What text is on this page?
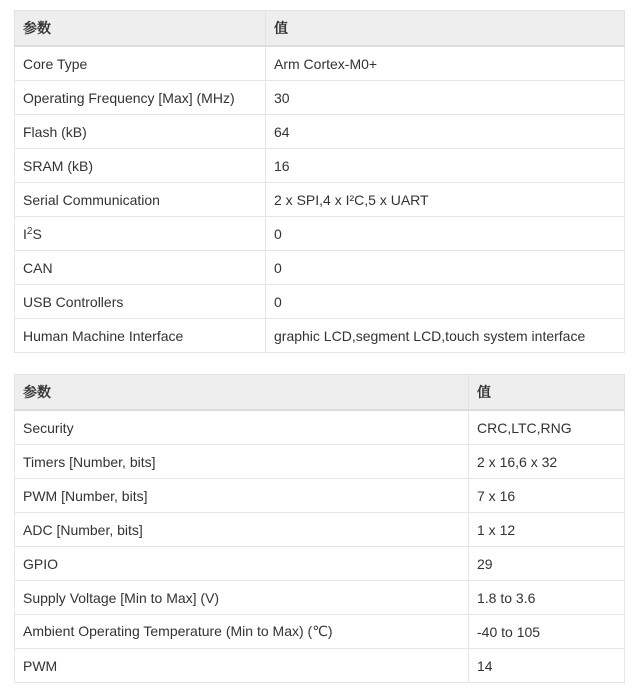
参数	值
Core Type	Arm Cortex-M0+
Operating Frequency [Max] (MHz)	30
Flash (kB)	64
SRAM (kB)	16
Serial Communication	2 x SPI,4 x I²C,5 x UART
$I^2S$	0
CAN	0
USB Controllers	0
Human Machine Interface	graphic LCD,segment LCD,touch system interface
参数	值
Security	CRC,LTC,RNG
Timers [Number, bits]	2 x 16,6 x 32
PWM [Number, bits]	7 x 16
ADC [Number, bits]	1 x 12
GPIO	29
Supply Voltage [Min to Max] (V)	1.8 to 3.6
Ambient Operating Temperature (Min to Max) (℃)	-40 to 105
PWM	14
